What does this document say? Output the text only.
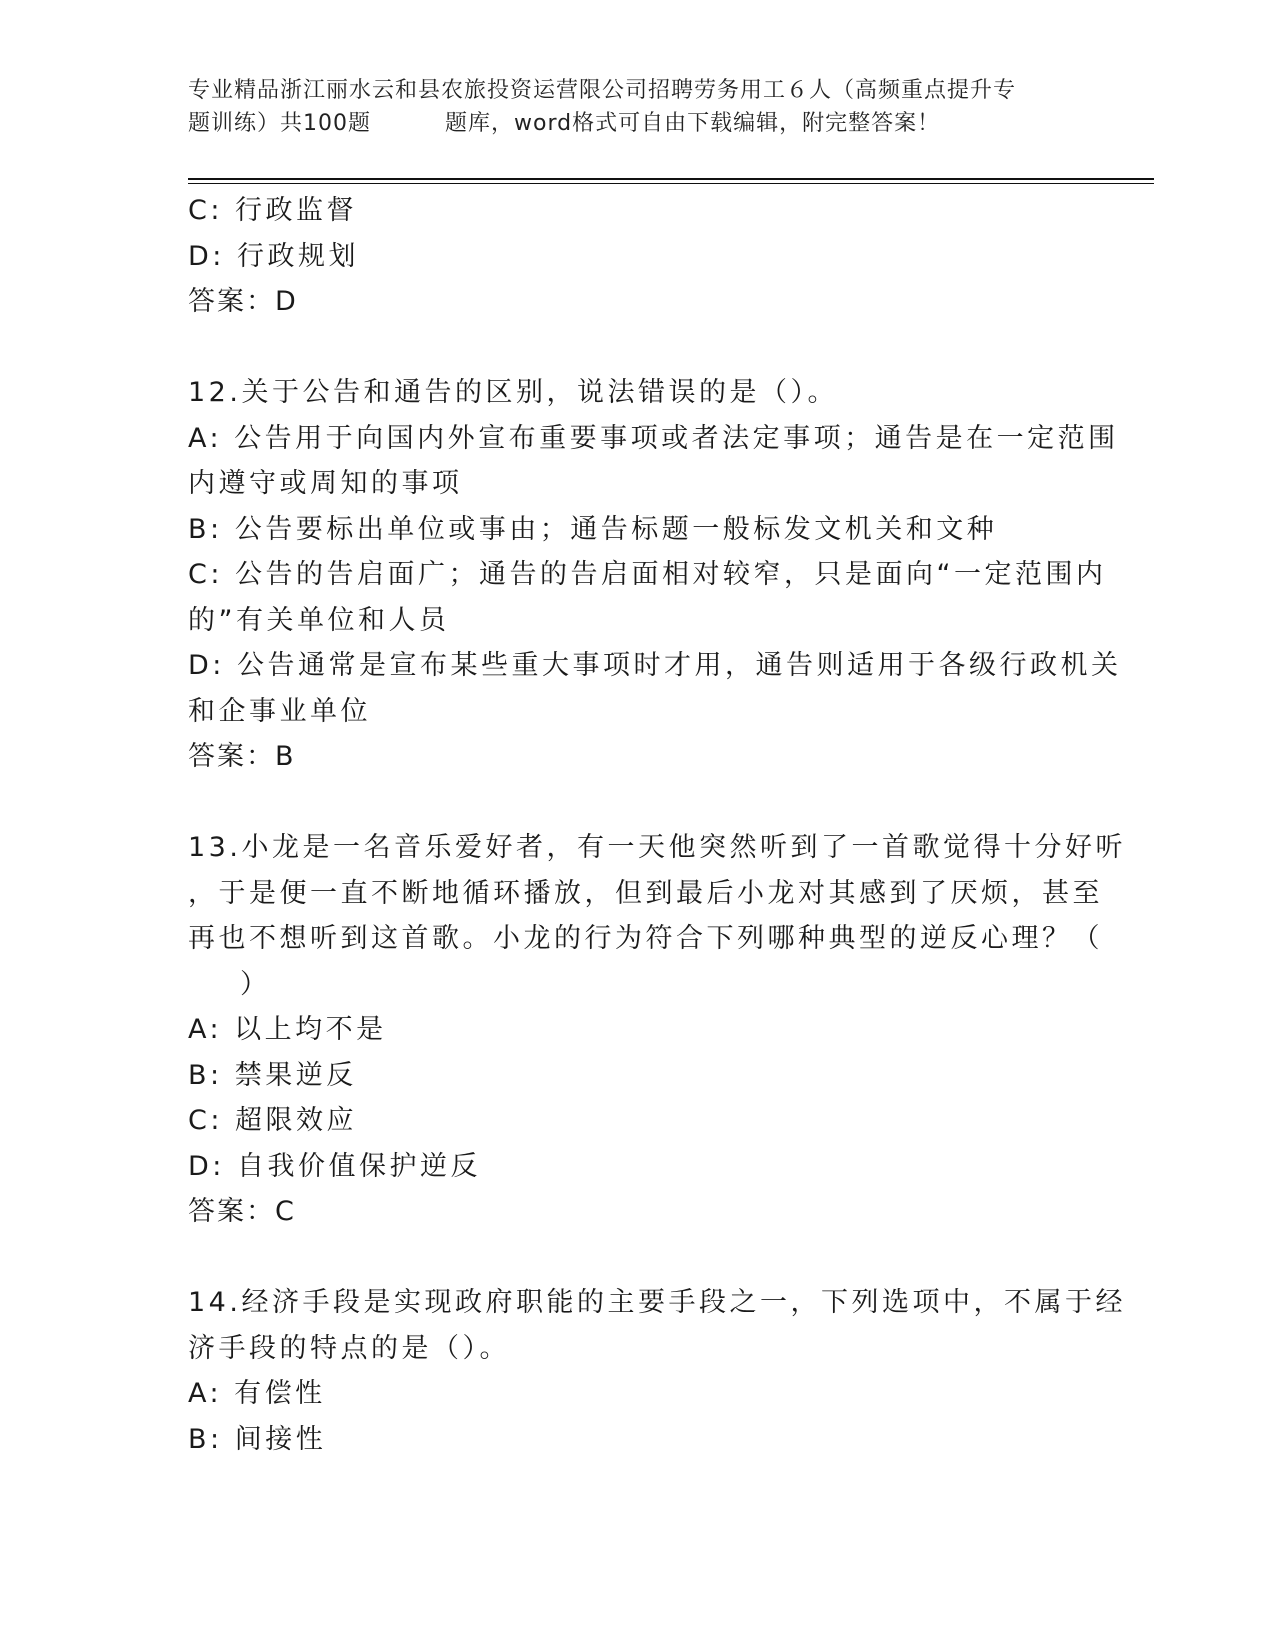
专业精品浙江丽水云和县农旅投资运营限公司招聘劳务用工６人（高频重点提升专
题训练）共100题	题库，word格式可自由下载编辑，附完整答案！
C: 行政监督
D: 行政规划
答案：D
12.关于公告和通告的区别，说法错误的是（）。
A: 公告用于向国内外宣布重要事项或者法定事项；通告是在一定范围
内遵守或周知的事项
B: 公告要标出单位或事由；通告标题一般标发文机关和文种
C: 公告的告启面广；通告的告启面相对较窄，只是面向“一定范围内
的”有关单位和人员
D: 公告通常是宣布某些重大事项时才用，通告则适用于各级行政机关
和企事业单位
答案：B
13.小龙是一名音乐爱好者，有一天他突然听到了一首歌觉得十分好听
，于是便一直不断地循环播放，但到最后小龙对其感到了厌烦，甚至
再也不想听到这首歌。小龙的行为符合下列哪种典型的逆反心理？（
）
A: 以上均不是
B: 禁果逆反
C: 超限效应
D: 自我价值保护逆反
答案：C
14.经济手段是实现政府职能的主要手段之一，下列选项中，不属于经
济手段的特点的是（）。
A: 有偿性
B: 间接性
